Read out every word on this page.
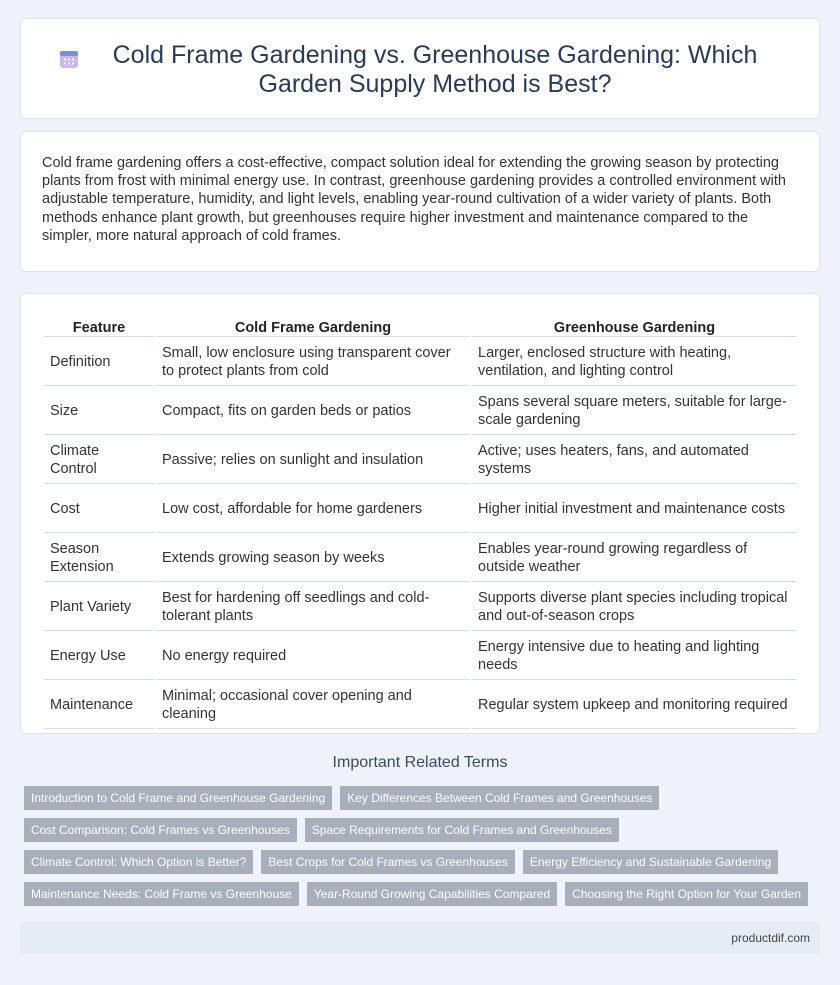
Cold Frame Gardening vs. Greenhouse Gardening: Which Garden Supply Method is Best?

Cold frame gardening offers a cost-effective, compact solution ideal for extending the growing season by protecting plants from frost with minimal energy use. In contrast, greenhouse gardening provides a controlled environment with adjustable temperature, humidity, and light levels, enabling year-round cultivation of a wider variety of plants. Both methods enhance plant growth, but greenhouses require higher investment and maintenance compared to the simpler, more natural approach of cold frames.

Feature	Cold Frame Gardening	Greenhouse Gardening
Definition	Small, low enclosure using transparent cover to protect plants from cold	Larger, enclosed structure with heating, ventilation, and lighting control
Size	Compact, fits on garden beds or patios	Spans several square meters, suitable for large-scale gardening
Climate Control	Passive; relies on sunlight and insulation	Active; uses heaters, fans, and automated systems
Cost	Low cost, affordable for home gardeners	Higher initial investment and maintenance costs
Season Extension	Extends growing season by weeks	Enables year-round growing regardless of outside weather
Plant Variety	Best for hardening off seedlings and cold-tolerant plants	Supports diverse plant species including tropical and out-of-season crops
Energy Use	No energy required	Energy intensive due to heating and lighting needs
Maintenance	Minimal; occasional cover opening and cleaning	Regular system upkeep and monitoring required
Important Related Terms
Introduction to Cold Frame and Greenhouse Gardening	Key Differences Between Cold Frames and Greenhouses
Cost Comparison: Cold Frames vs Greenhouses	Space Requirements for Cold Frames and Greenhouses
Climate Control: Which Option is Better?	Best Crops for Cold Frames vs Greenhouses	Energy Efficiency and Sustainable Gardening
Maintenance Needs: Cold Frame vs Greenhouse	Year-Round Growing Capabilities Compared	Choosing the Right Option for Your Garden
productdif.com
